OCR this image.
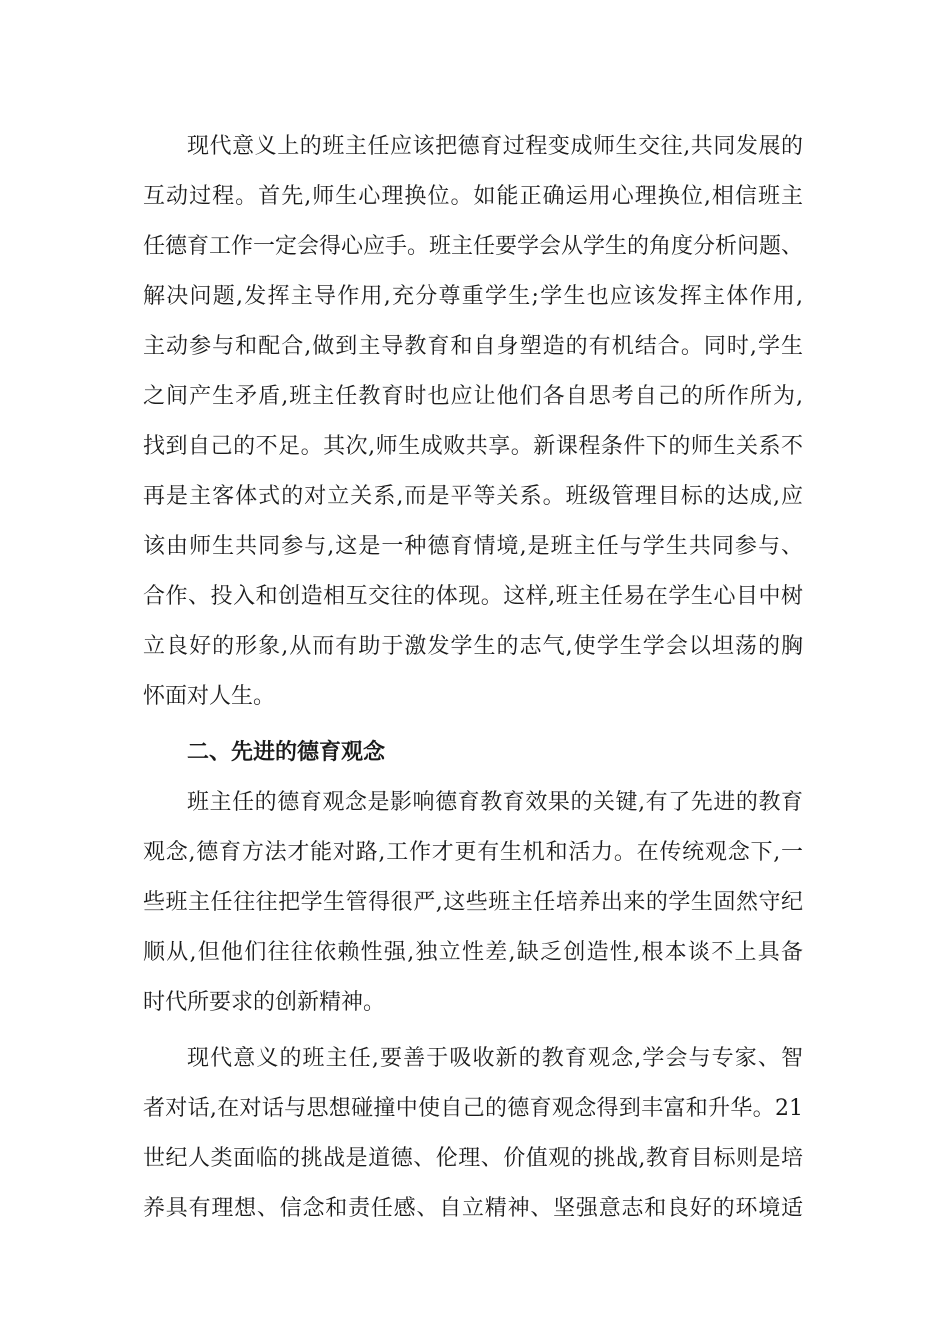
现代意义上的班主任应该把德育过程变成师生交往,共同发展的
互动过程。首先,师生心理换位。如能正确运用心理换位,相信班主
任德育工作一定会得心应手。班主任要学会从学生的角度分析问题、
解决问题,发挥主导作用,充分尊重学生;学生也应该发挥主体作用,
主动参与和配合,做到主导教育和自身塑造的有机结合。同时,学生
之间产生矛盾,班主任教育时也应让他们各自思考自己的所作所为,
找到自己的不足。其次,师生成败共享。新课程条件下的师生关系不
再是主客体式的对立关系,而是平等关系。班级管理目标的达成,应
该由师生共同参与,这是一种德育情境,是班主任与学生共同参与、
合作、投入和创造相互交往的体现。这样,班主任易在学生心目中树
立良好的形象,从而有助于激发学生的志气,使学生学会以坦荡的胸
怀面对人生。
二、先进的德育观念
班主任的德育观念是影响德育教育效果的关键,有了先进的教育
观念,德育方法才能对路,工作才更有生机和活力。在传统观念下,一
些班主任往往把学生管得很严,这些班主任培养出来的学生固然守纪
顺从,但他们往往依赖性强,独立性差,缺乏创造性,根本谈不上具备
时代所要求的创新精神。
现代意义的班主任,要善于吸收新的教育观念,学会与专家、智
者对话,在对话与思想碰撞中使自己的德育观念得到丰富和升华。21
世纪人类面临的挑战是道德、伦理、价值观的挑战,教育目标则是培
养具有理想、信念和责任感、自立精神、坚强意志和良好的环境适
